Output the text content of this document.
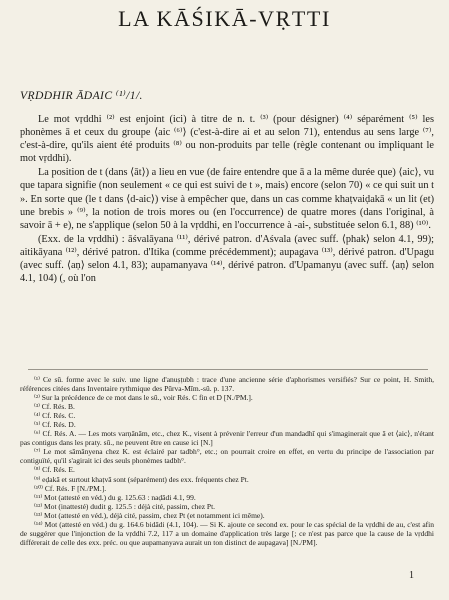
LA KĀŚIKĀ-VṚTTI

VṚDDHIR ĀDAIC ⁽¹⁾/1/.

Le mot vṛddhi ⁽²⁾ est enjoint (ici) à titre de n. t. ⁽³⁾ (pour désigner) ⁽⁴⁾ séparément ⁽⁵⁾ les phonèmes ā et ceux du groupe ⟨aic ⁽⁶⁾⟩ (c'est-à-dire ai et au selon 71), entendus au sens large ⁽⁷⁾, c'est-à-dire, qu'ils aient été produits ⁽⁸⁾ ou non-produits par telle (règle contenant ou impliquant le mot vṛddhi).

La position de t (dans ⟨āt⟩) a lieu en vue (de faire entendre que ā a la même durée que) ⟨aic⟩, vu que tapara signifie (non seulement « ce qui est suivi de t », mais) encore (selon 70) « ce qui suit un t ». En sorte que (le t dans ⟨d-aic⟩) vise à empêcher que, dans un cas comme khaṭvaiḍakā « un lit (et) une brebis » ⁽⁹⁾, la notion de trois mores ou (en l'occurrence) de quatre mores (dans l'original, à savoir ā + e), ne s'applique (selon 50 à la vṛddhi, en l'occurrence à -ai-, substituée selon 6.1, 88) ⁽¹⁰⁾.

(Exx. de la vṛddhi) : āśvalāyana ⁽¹¹⁾, dérivé patron. d'Aśvala (avec suff. ⟨phak⟩ selon 4.1, 99); aitikāyana ⁽¹²⁾, dérivé patron. d'Itika (comme précédemment); aupagava ⁽¹³⁾, dérivé patron. d'Upagu (avec suff. ⟨aṇ⟩ selon 4.1, 83); aupamanyava ⁽¹⁴⁾, dérivé patron. d'Upamanyu (avec suff. ⟨aṇ⟩ selon 4.1, 104) (, où l'on

⁽¹⁾ Ce sū. forme avec le suiv. une ligne d'anuṣṭubh : trace d'une ancienne série d'aphorismes versifiés? Sur ce point, H. Smith, références citées dans Inventaire rythmique des Pūrva-Mīm.-sū. p. 137.

⁽²⁾ Sur la précédence de ce mot dans le sū., voir Rés. C fin et D [N./PM.].

⁽³⁾ Cf. Rés. B.

⁽⁴⁾ Cf. Rés. C.

⁽⁵⁾ Cf. Rés. D.

⁽⁶⁾ Cf. Rés. A. — Les mots varṇānām, etc., chez K., visent à prévenir l'erreur d'un mandadhī qui s'imaginerait que ā et ⟨aic⟩, n'étant pas contigus dans les praty. sū., ne peuvent être en cause ici [N.]

⁽⁷⁾ Le mot sāmānyena chez K. est éclairé par tadbh°, etc.; on pourrait croire en effet, en vertu du principe de l'association par contiguïté, qu'il s'agirait ici des seuls phonèmes tadbh°.

⁽⁸⁾ Cf. Rés. E.

⁽⁹⁾ eḍakā et surtout khaṭvā sont (séparément) des exx. fréquents chez Pt.

⁽¹⁰⁾ Cf. Rés. F [N./PM.].

⁽¹¹⁾ Mot (attesté en véd.) du g. 125.63 : naḍādi 4.1, 99.

⁽¹²⁾ Mot (inattesté) dudit g. 125.5 : déjà cité, passim, chez Pt.

⁽¹³⁾ Mot (attesté en véd.), déjà cité, passim, chez Pt (et notamment ici même).

⁽¹⁴⁾ Mot (attesté en véd.) du g. 164.6 bidādi (4.1, 104). — Si K. ajoute ce second ex. pour le cas spécial de la vṛddhi de au, c'est afin de suggérer que l'injonction de la vṛddhi 7.2, 117 a un domaine d'application très large [; ce n'est pas parce que la cause de la vṛddhi différerait de celle des exx. préc. ou que aupamanyava aurait un ton distinct de aupagava] [N./PM].

1
